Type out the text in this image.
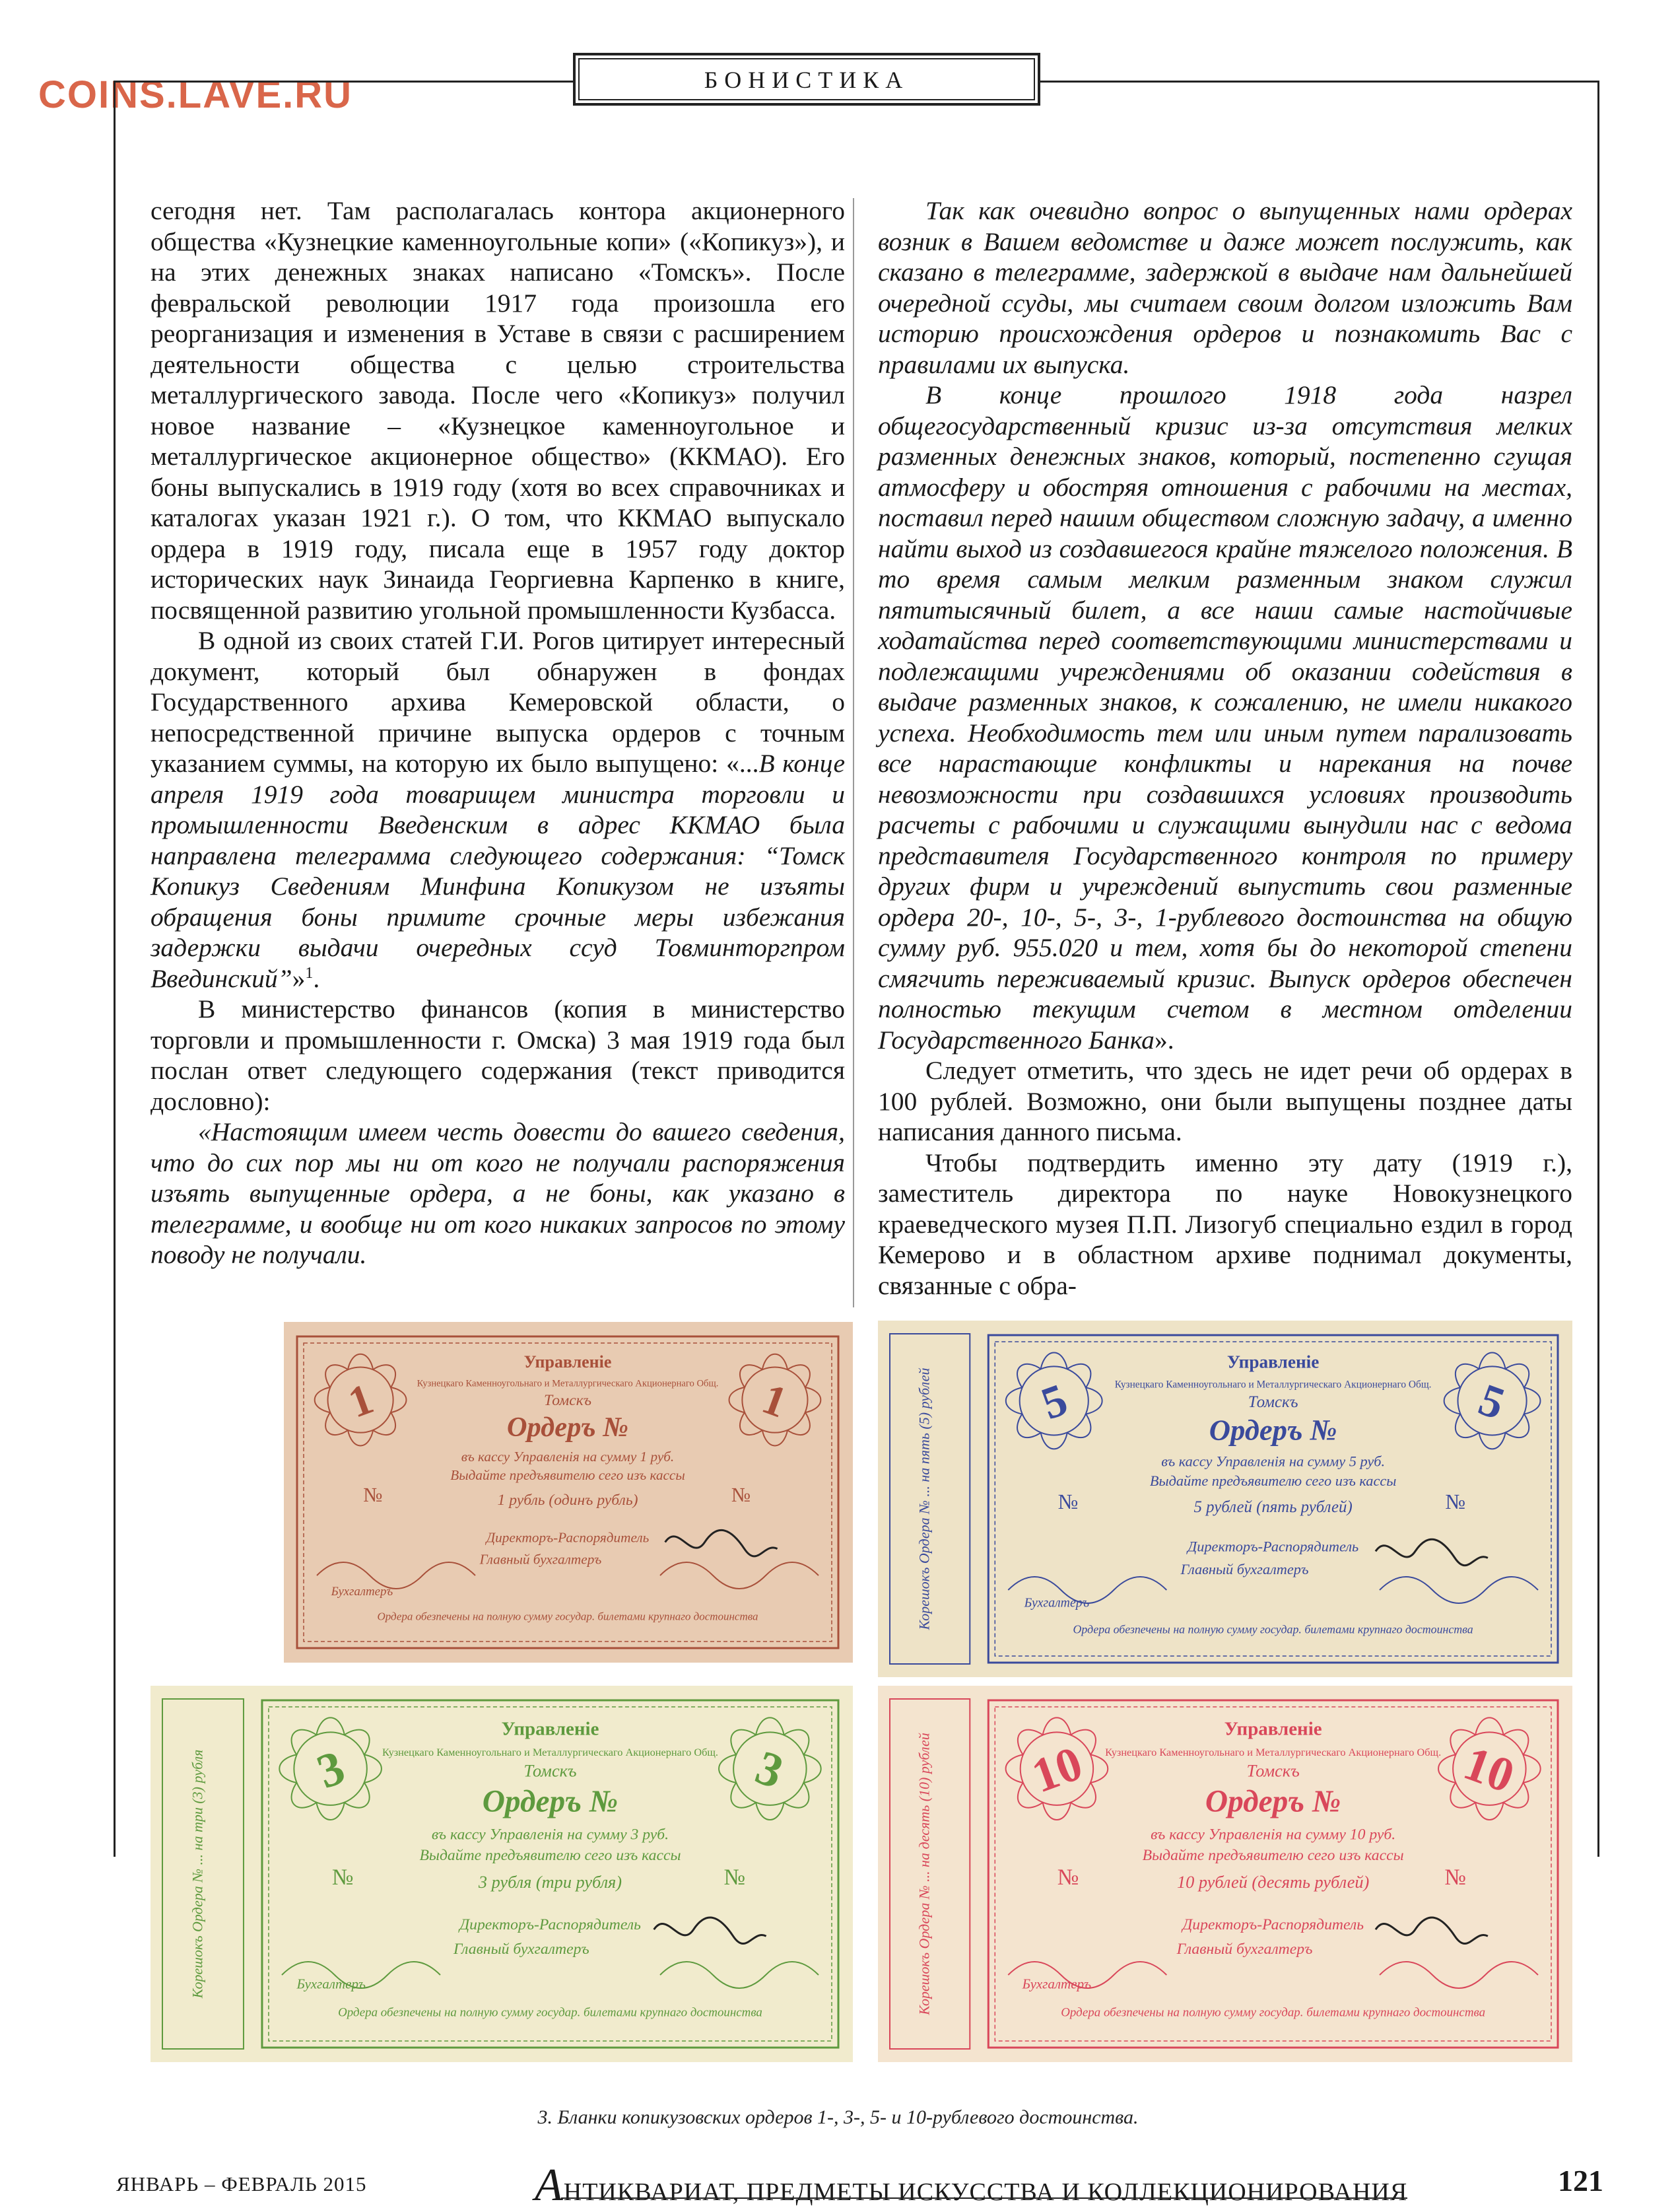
COINS.LAVE.RU	БОНИСТИКА

сегодня нет. Там располагалась контора акционерного общества «Кузнецкие каменноугольные копи» («Копикуз»), и на этих денежных знаках написано «Томскъ». После февральской революции 1917 года произошла его реорганизация и изменения в Уставе в связи с расширением деятельности общества с целью строительства металлургического завода. После чего «Копикуз» получил новое название – «Кузнецкое каменноугольное и металлургическое акционерное общество» (ККМАО). Его боны выпускались в 1919 году (хотя во всех справочниках и каталогах указан 1921 г.). О том, что ККМАО выпускало ордера в 1919 году, писала еще в 1957 году доктор исторических наук Зинаида Георгиевна Карпенко в книге, посвященной развитию угольной промышленности Кузбасса.

В одной из своих статей Г.И. Рогов цитирует интересный документ, который был обнаружен в фондах Государственного архива Кемеровской области, о непосредственной причине выпуска ордеров с точным указанием суммы, на которую их было выпущено: «...В конце апреля 1919 года товарищем министра торговли и промышленности Введенским в адрес ККМАО была направлена телеграмма следующего содержания: “Томск Копикуз Сведениям Минфина Копикузом не изъяты обращения боны примите срочные меры избежания задержки выдачи очередных ссуд Товминторгпром Введинский”»$^1$.

В министерство финансов (копия в министерство торговли и промышленности г. Омска) 3 мая 1919 года был послан ответ следующего содержания (текст приводится дословно):

«Настоящим имеем честь довести до вашего сведения, что до сих пор мы ни от кого не получали распоряжения изъять выпущенные ордера, а не боны, как указано в телеграмме, и вообще ни от кого никаких запросов по этому поводу не получали.

Так как очевидно вопрос о выпущенных нами ордерах возник в Вашем ведомстве и даже может послужить, как сказано в телеграмме, задержкой в выдаче нам дальнейшей очередной ссуды, мы считаем своим долгом изложить Вам историю происхождения ордеров и познакомить Вас с правилами их выпуска.

В конце прошлого 1918 года назрел общегосударственный кризис из-за отсутствия мелких разменных денежных знаков, который, постепенно сгущая атмосферу и обостряя отношения с рабочими на местах, поставил перед нашим обществом сложную задачу, а именно найти выход из создавшегося крайне тяжелого положения. В то время самым мелким разменным знаком служил пятитысячный билет, а все наши самые настойчивые ходатайства перед соответствующими министерствами и подлежащими учреждениями об оказании содействия в выдаче разменных знаков, к сожалению, не имели никакого успеха. Необходимость тем или иным путем парализовать все нарастающие конфликты и нарекания на почве невозможности при создавшихся условиях производить расчеты с рабочими и служащими вынудили нас с ведома представителя Государственного контроля по примеру других фирм и учреждений выпустить свои разменные ордера 20-, 10-, 5-, 3-, 1-рублевого достоинства на общую сумму руб. 955.020 и тем, хотя бы до некоторой степени смягчить переживаемый кризис. Выпуск ордеров обеспечен полностью текущим счетом в местном отделении Государственного Банка».

Следует отметить, что здесь не идет речи об ордерах в 100 рублей. Возможно, они были выпущены позднее даты написания данного письма.

Чтобы подтвердить именно эту дату (1919 г.), заместитель директора по науке Новокузнецкого краеведческого музея П.П. Лизогуб специально ездил в город Кемерово и в областном архиве поднимал документы, связанные с обра-

1	1
Управленiе
Кузнецкаго Каменноугольнаго и Металлургическаго Акционернаго Общ.
Томскъ
Ордеръ №
въ кассу Управленiя на сумму 1 руб.
Выдайте предъявителю сего изъ кассы
1 рубль (одинъ рубль)
№	№
Директоръ-Распорядитель
Главный бухгалтеръ
Бухгалтеръ
Ордера обезпечены на полную сумму государ. билетами крупнаго достоинства	Корешокъ Ордера № ... на пять (5) рублей 5	5
Управленiе
Кузнецкаго Каменноугольнаго и Металлургическаго Акционернаго Общ.
Томскъ
Ордеръ №
въ кассу Управленiя на сумму 5 руб.
Выдайте предъявителю сего изъ кассы
5 рублей (пять рублей)
№	№
Директоръ-Распорядитель
Главный бухгалтеръ
Бухгалтеръ
Ордера обезпечены на полную сумму государ. билетами крупнаго достоинства
Корешокъ Ордера № ... на три (3) рубля 3	3
Управленiе
Кузнецкаго Каменноугольнаго и Металлургическаго Акционернаго Общ.
Томскъ
Ордеръ №
въ кассу Управленiя на сумму 3 руб.
Выдайте предъявителю сего изъ кассы
3 рубля (три рубля)
№	№
Директоръ-Распорядитель
Главный бухгалтеръ
Бухгалтеръ
Ордера обезпечены на полную сумму государ. билетами крупнаго достоинства	Корешокъ Ордера № ... на десять (10) рублей 10	10
Управленiе
Кузнецкаго Каменноугольнаго и Металлургическаго Акционернаго Общ.
Томскъ
Ордеръ №
въ кассу Управленiя на сумму 10 руб.
Выдайте предъявителю сего изъ кассы
10 рублей (десять рублей)
№	№
Директоръ-Распорядитель
Главный бухгалтеръ
Бухгалтеръ
Ордера обезпечены на полную сумму государ. билетами крупнаго достоинства
3. Бланки копикузовских ордеров 1-, 3-, 5- и 10-рублевого достоинства.
ЯНВАРЬ – ФЕВРАЛЬ 2015	АНТИКВАРИАТ, ПРЕДМЕТЫ ИСКУССТВА И КОЛЛЕКЦИОНИРОВАНИЯ	121
